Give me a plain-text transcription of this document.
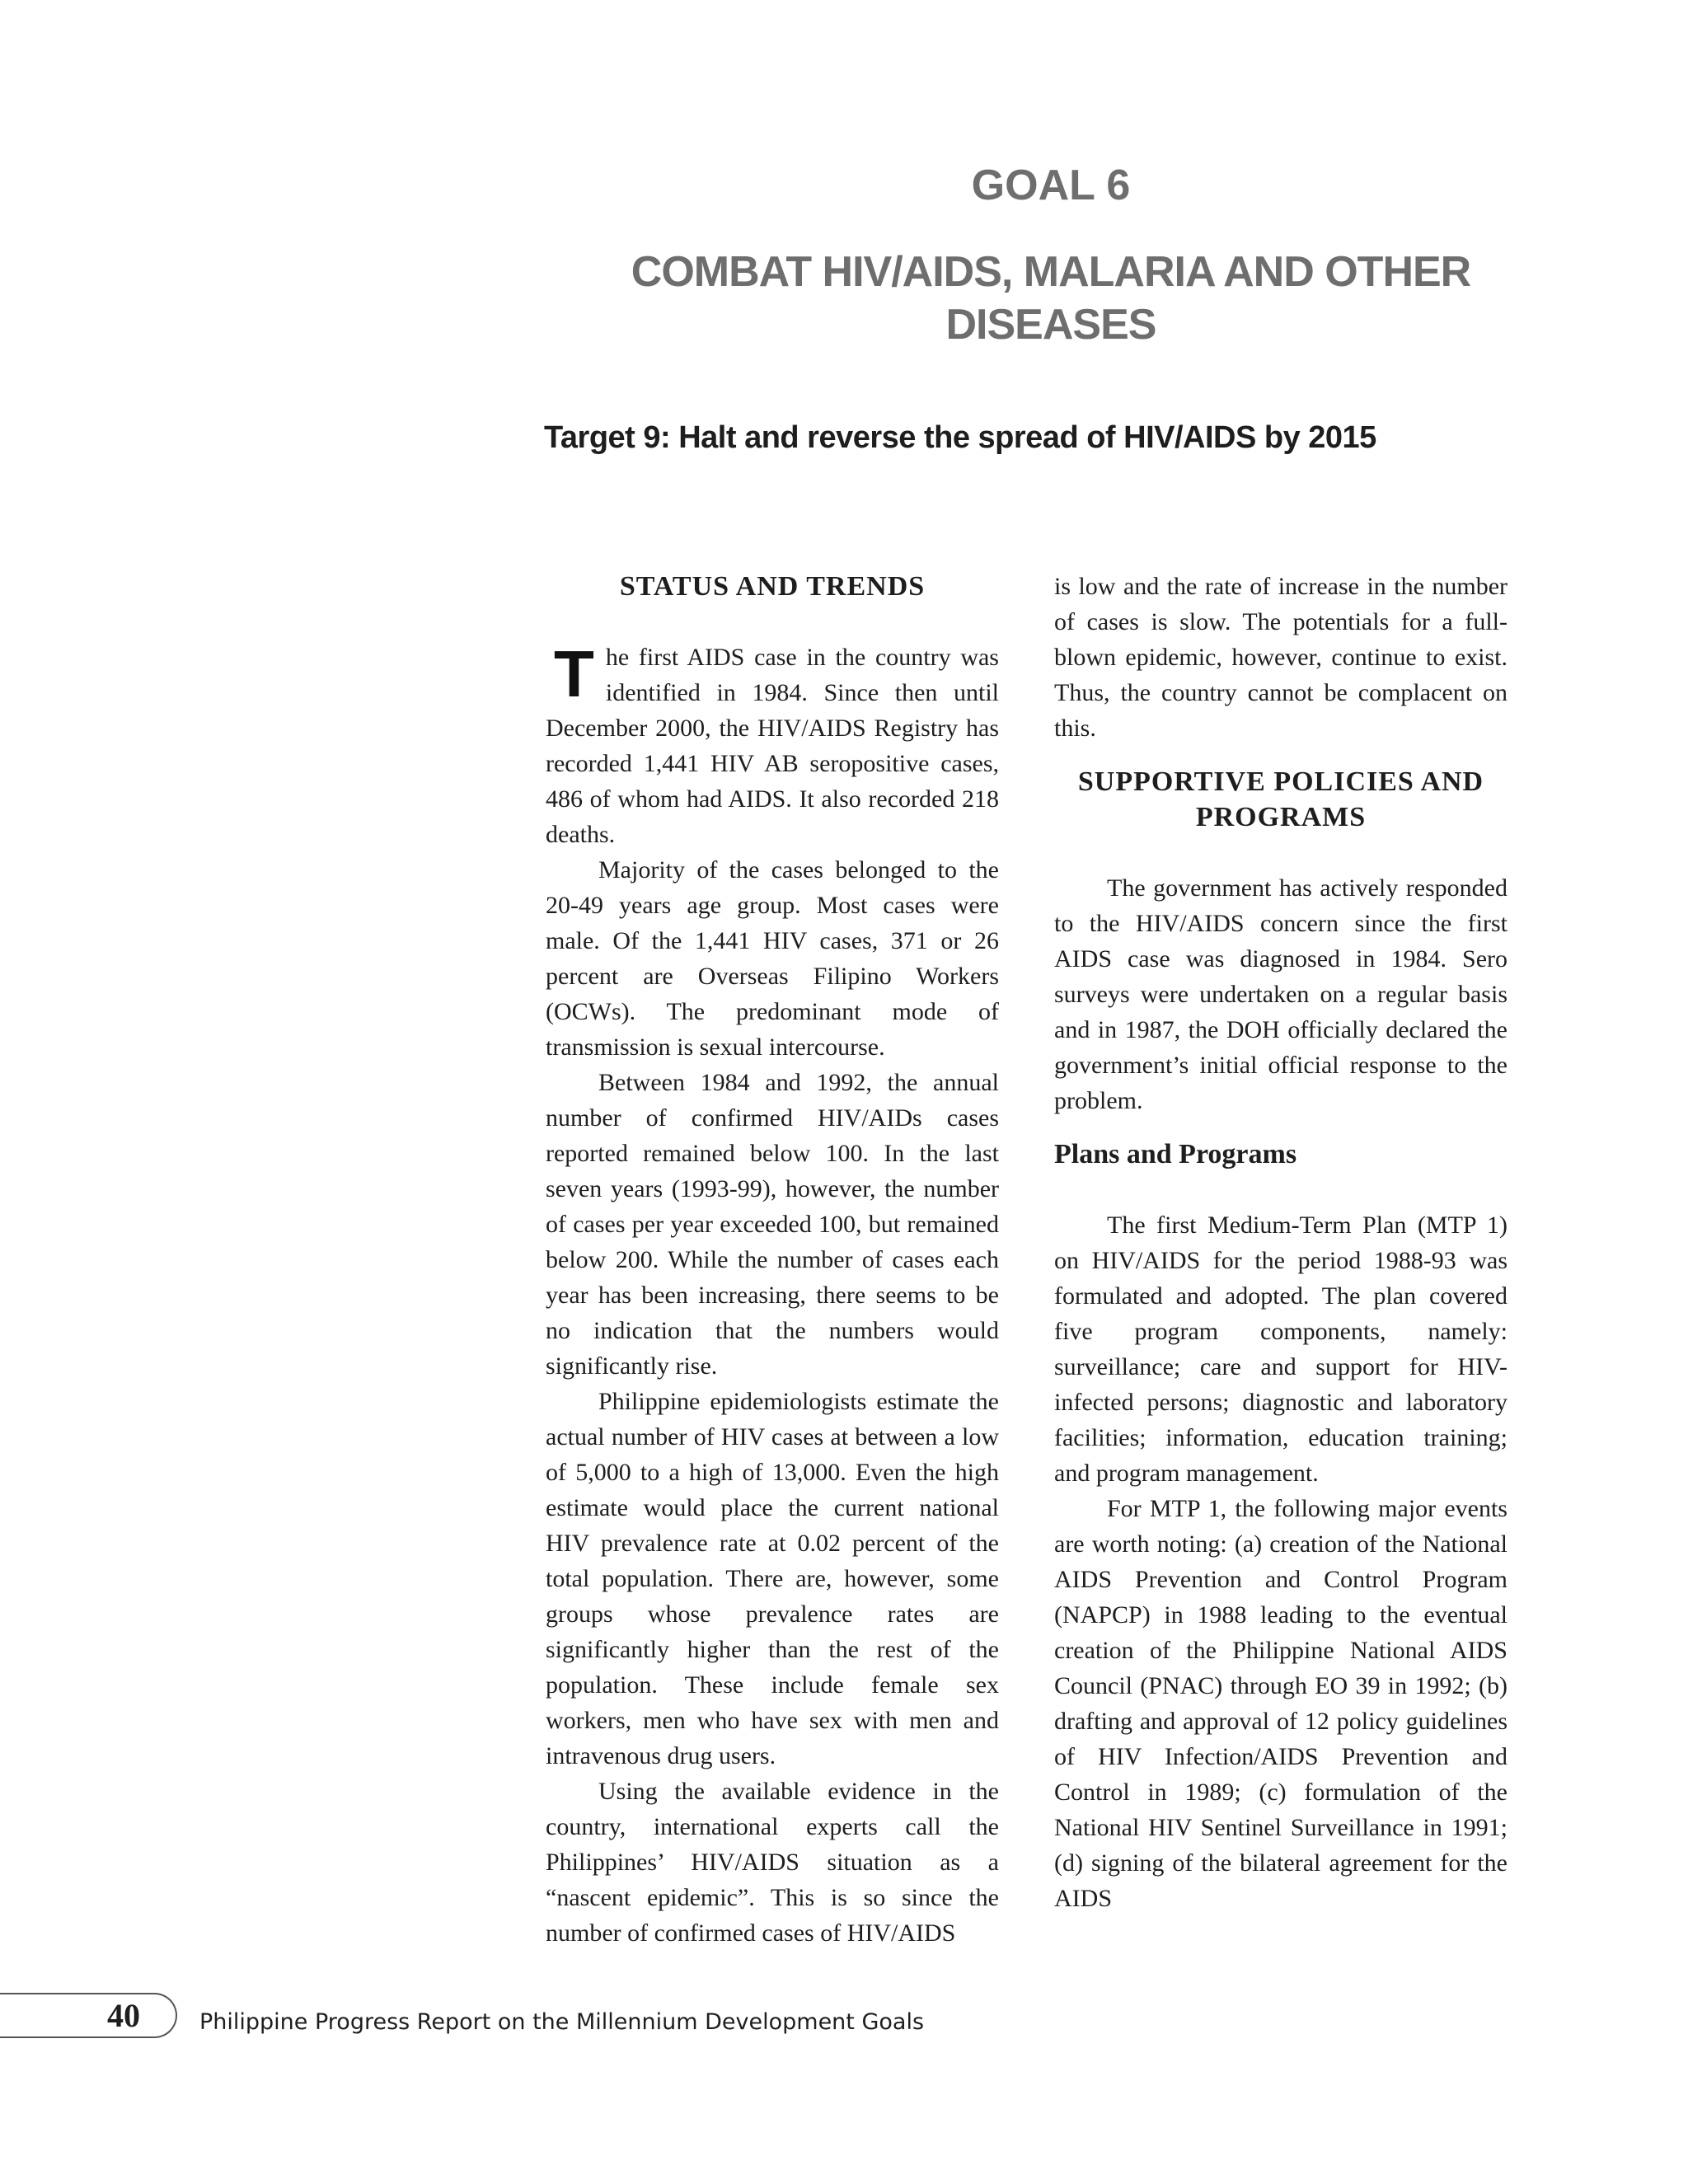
GOAL 6
COMBAT HIV/AIDS, MALARIA AND OTHER DISEASES
Target 9: Halt and reverse the spread of HIV/AIDS by 2015
STATUS AND TRENDS

The first AIDS case in the country was identified in 1984. Since then until December 2000, the HIV/AIDS Registry has recorded 1,441 HIV AB seropositive cases, 486 of whom had AIDS. It also recorded 218 deaths.

Majority of the cases belonged to the 20-49 years age group. Most cases were male. Of the 1,441 HIV cases, 371 or 26 percent are Overseas Filipino Workers (OCWs). The predominant mode of transmission is sexual intercourse.

Between 1984 and 1992, the annual number of confirmed HIV/AIDs cases reported remained below 100. In the last seven years (1993-99), however, the number of cases per year exceeded 100, but remained below 200. While the number of cases each year has been increasing, there seems to be no indication that the numbers would significantly rise.

Philippine epidemiologists estimate the actual number of HIV cases at between a low of 5,000 to a high of 13,000. Even the high estimate would place the current national HIV prevalence rate at 0.02 percent of the total population. There are, however, some groups whose prevalence rates are significantly higher than the rest of the population. These include female sex workers, men who have sex with men and intravenous drug users.

Using the available evidence in the country, international experts call the Philippines’ HIV/AIDS situation as a “nascent epidemic”. This is so since the number of confirmed cases of HIV/AIDS

is low and the rate of increase in the number of cases is slow. The potentials for a full-blown epidemic, however, continue to exist. Thus, the country cannot be complacent on this.

SUPPORTIVE POLICIES AND
PROGRAMS

The government has actively responded to the HIV/AIDS concern since the first AIDS case was diagnosed in 1984. Sero surveys were undertaken on a regular basis and in 1987, the DOH officially declared the government’s initial official response to the problem.

Plans and Programs

The first Medium-Term Plan (MTP 1) on HIV/AIDS for the period 1988-93 was formulated and adopted. The plan covered five program components, namely: surveillance; care and support for HIV-infected persons; diagnostic and laboratory facilities; information, education training; and program management.

For MTP 1, the following major events are worth noting: (a) creation of the National AIDS Prevention and Control Program (NAPCP) in 1988 leading to the eventual creation of the Philippine National AIDS Council (PNAC) through EO 39 in 1992; (b) drafting and approval of 12 policy guidelines of HIV Infection/AIDS Prevention and Control in 1989; (c) formulation of the National HIV Sentinel Surveillance in 1991; (d) signing of the bilateral agreement for the AIDS

40	Philippine Progress Report on the Millennium Development Goals
